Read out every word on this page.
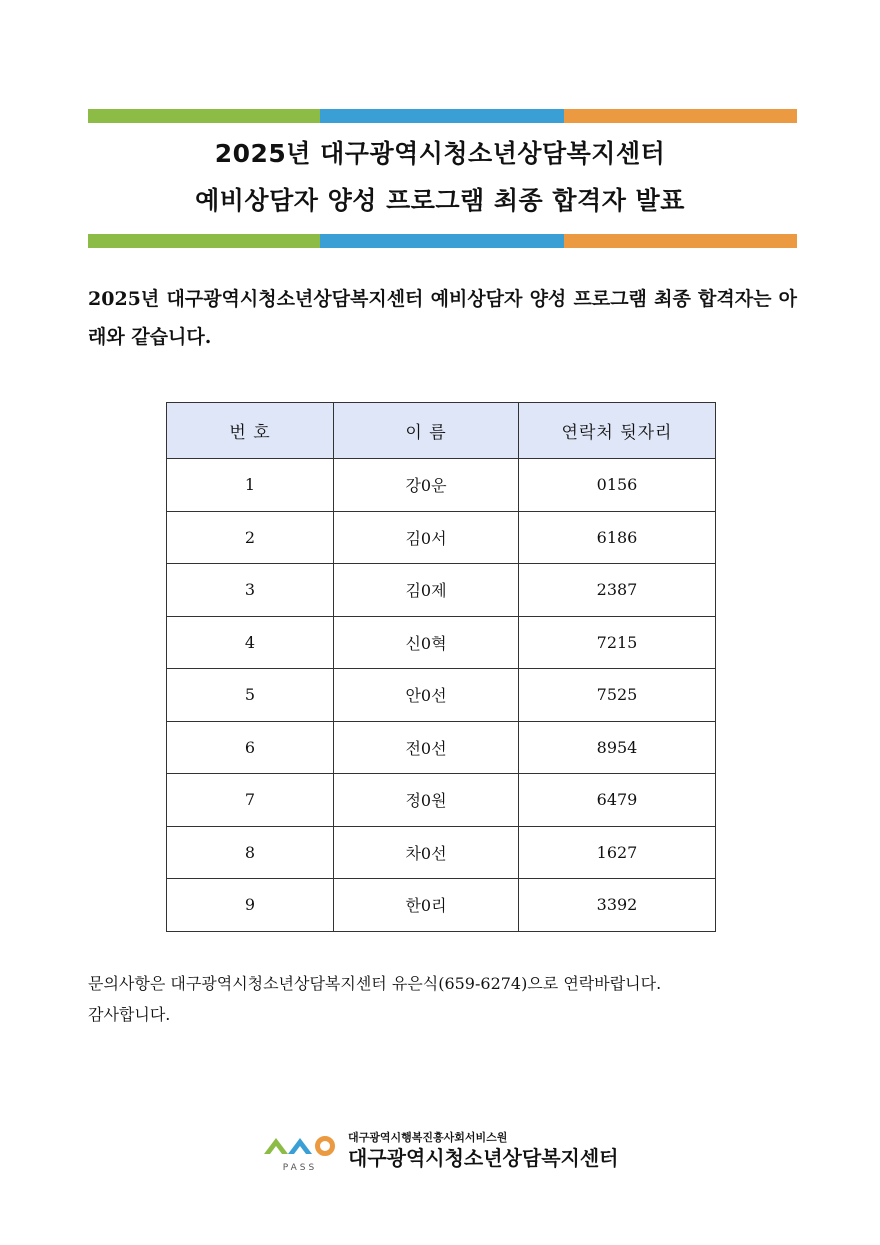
2025년 대구광역시청소년상담복지센터
예비상담자 양성 프로그램 최종 합격자 발표
2025년 대구광역시청소년상담복지센터 예비상담자 양성 프로그램 최종 합격자는 아래와 같습니다.
번 호	이 름	연락처 뒷자리
1	강0운	0156
2	김0서	6186
3	김0제	2387
4	신0혁	7215
5	안0선	7525
6	전0선	8954
7	정0원	6479
8	차0선	1627
9	한0리	3392
문의사항은 대구광역시청소년상담복지센터 유은식(659-6274)으로 연락바랍니다.
감사합니다.
PASS
대구광역시행복진흥사회서비스원
대구광역시청소년상담복지센터
